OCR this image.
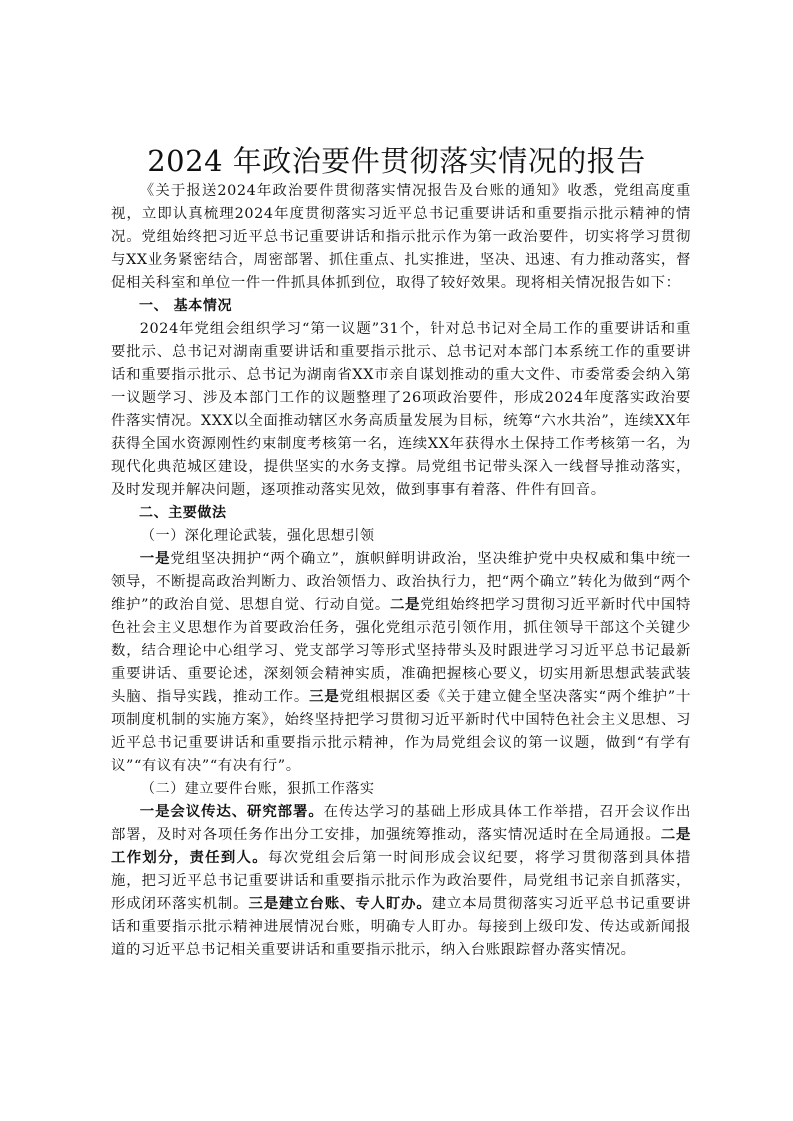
2024 年政治要件贯彻落实情况的报告

《关于报送2024年政治要件贯彻落实情况报告及台账的通知》收悉，党组高度重视，立即认真梳理2024年度贯彻落实习近平总书记重要讲话和重要指示批示精神的情况。党组始终把习近平总书记重要讲话和指示批示作为第一政治要件，切实将学习贯彻与XX业务紧密结合，周密部署、抓住重点、扎实推进，坚决、迅速、有力推动落实，督促相关科室和单位一件一件抓具体抓到位，取得了较好效果。现将相关情况报告如下：

一、 基本情况

2024年党组会组织学习“第一议题”31个，针对总书记对全局工作的重要讲话和重要批示、总书记对湖南重要讲话和重要指示批示、总书记对本部门本系统工作的重要讲话和重要指示批示、总书记为湖南省XX市亲自谋划推动的重大文件、市委常委会纳入第一议题学习、涉及本部门工作的议题整理了26项政治要件，形成2024年度落实政治要件落实情况。XXX以全面推动辖区水务高质量发展为目标，统筹“六水共治”，连续XX年获得全国水资源刚性约束制度考核第一名，连续XX年获得水土保持工作考核第一名，为现代化典范城区建设，提供坚实的水务支撑。局党组书记带头深入一线督导推动落实，及时发现并解决问题，逐项推动落实见效，做到事事有着落、件件有回音。

二、主要做法
（一）深化理论武装，强化思想引领

一是党组坚决拥护“两个确立”，旗帜鲜明讲政治，坚决维护党中央权威和集中统一领导，不断提高政治判断力、政治领悟力、政治执行力，把“两个确立”转化为做到“两个维护”的政治自觉、思想自觉、行动自觉。二是党组始终把学习贯彻习近平新时代中国特色社会主义思想作为首要政治任务，强化党组示范引领作用，抓住领导干部这个关键少数，结合理论中心组学习、党支部学习等形式坚持带头及时跟进学习习近平总书记最新重要讲话、重要论述，深刻领会精神实质，准确把握核心要义，切实用新思想武装武装头脑、指导实践，推动工作。三是党组根据区委《关于建立健全坚决落实“两个维护”十项制度机制的实施方案》，始终坚持把学习贯彻习近平新时代中国特色社会主义思想、习近平总书记重要讲话和重要指示批示精神，作为局党组会议的第一议题，做到“有学有议”“有议有决”“有决有行”。

（二）建立要件台账，狠抓工作落实

一是会议传达、研究部署。在传达学习的基础上形成具体工作举措，召开会议作出部署，及时对各项任务作出分工安排，加强统筹推动，落实情况适时在全局通报。二是工作划分，责任到人。每次党组会后第一时间形成会议纪要，将学习贯彻落到具体措施，把习近平总书记重要讲话和重要指示批示作为政治要件，局党组书记亲自抓落实，形成闭环落实机制。三是建立台账、专人盯办。建立本局贯彻落实习近平总书记重要讲话和重要指示批示精神进展情况台账，明确专人盯办。每接到上级印发、传达或新闻报道的习近平总书记相关重要讲话和重要指示批示，纳入台账跟踪督办落实情况。
